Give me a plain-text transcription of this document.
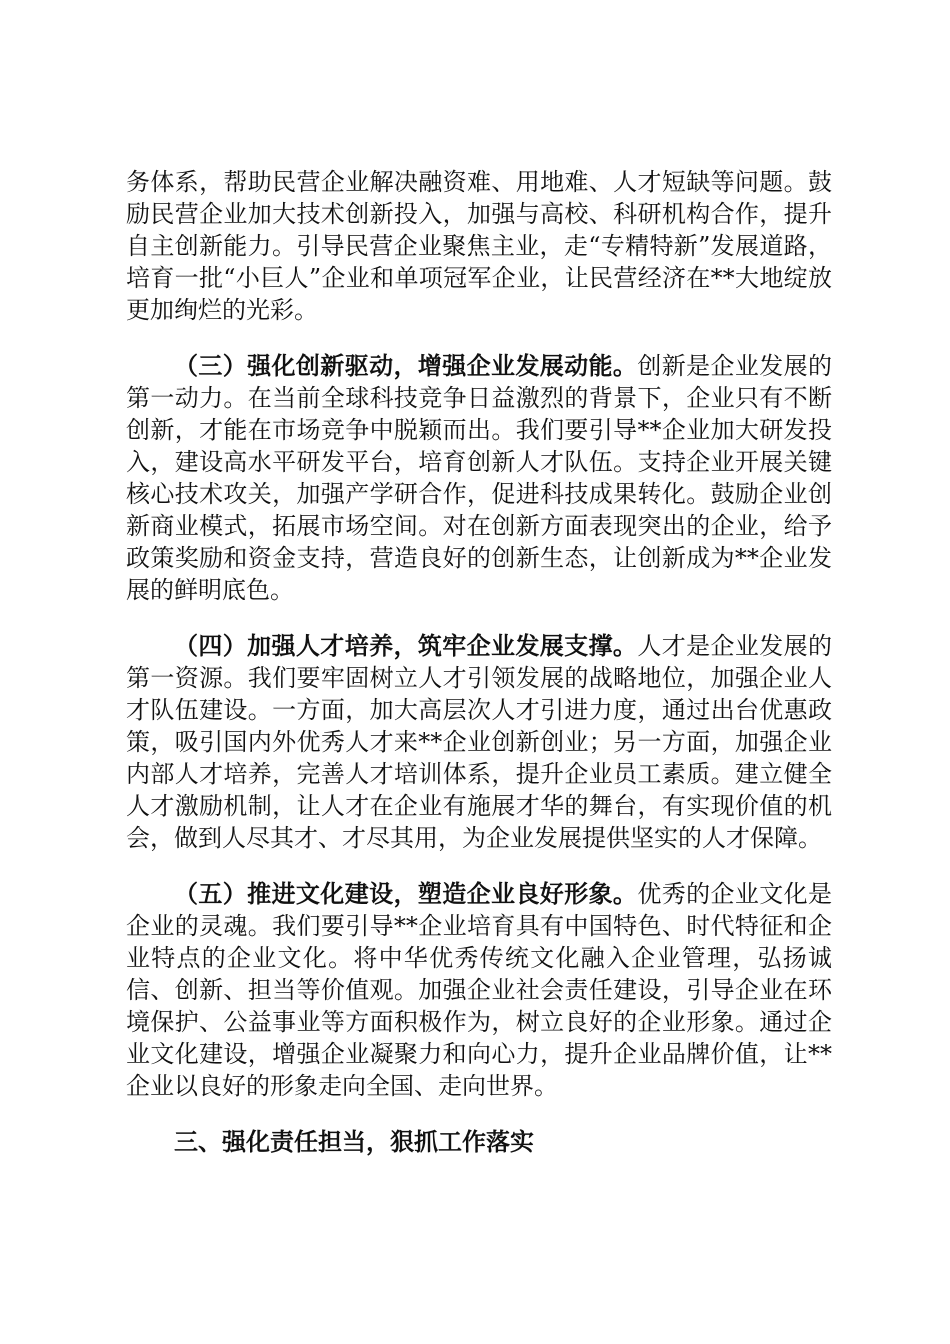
务体系，帮助民营企业解决融资难、用地难、人才短缺等问题。鼓励民营企业加大技术创新投入，加强与高校、科研机构合作，提升自主创新能力。引导民营企业聚焦主业，走“专精特新”发展道路，培育一批“小巨人”企业和单项冠军企业，让民营经济在**大地绽放更加绚烂的光彩。

（三）强化创新驱动，增强企业发展动能。创新是企业发展的第一动力。在当前全球科技竞争日益激烈的背景下，企业只有不断创新，才能在市场竞争中脱颖而出。我们要引导**企业加大研发投入，建设高水平研发平台，培育创新人才队伍。支持企业开展关键核心技术攻关，加强产学研合作，促进科技成果转化。鼓励企业创新商业模式，拓展市场空间。对在创新方面表现突出的企业，给予政策奖励和资金支持，营造良好的创新生态，让创新成为**企业发展的鲜明底色。

（四）加强人才培养，筑牢企业发展支撑。人才是企业发展的第一资源。我们要牢固树立人才引领发展的战略地位，加强企业人才队伍建设。一方面，加大高层次人才引进力度，通过出台优惠政策，吸引国内外优秀人才来**企业创新创业；另一方面，加强企业内部人才培养，完善人才培训体系，提升企业员工素质。建立健全人才激励机制，让人才在企业有施展才华的舞台，有实现价值的机会，做到人尽其才、才尽其用，为企业发展提供坚实的人才保障。

（五）推进文化建设，塑造企业良好形象。优秀的企业文化是企业的灵魂。我们要引导**企业培育具有中国特色、时代特征和企业特点的企业文化。将中华优秀传统文化融入企业管理，弘扬诚信、创新、担当等价值观。加强企业社会责任建设，引导企业在环境保护、公益事业等方面积极作为，树立良好的企业形象。通过企业文化建设，增强企业凝聚力和向心力，提升企业品牌价值，让**企业以良好的形象走向全国、走向世界。

三、强化责任担当，狠抓工作落实
